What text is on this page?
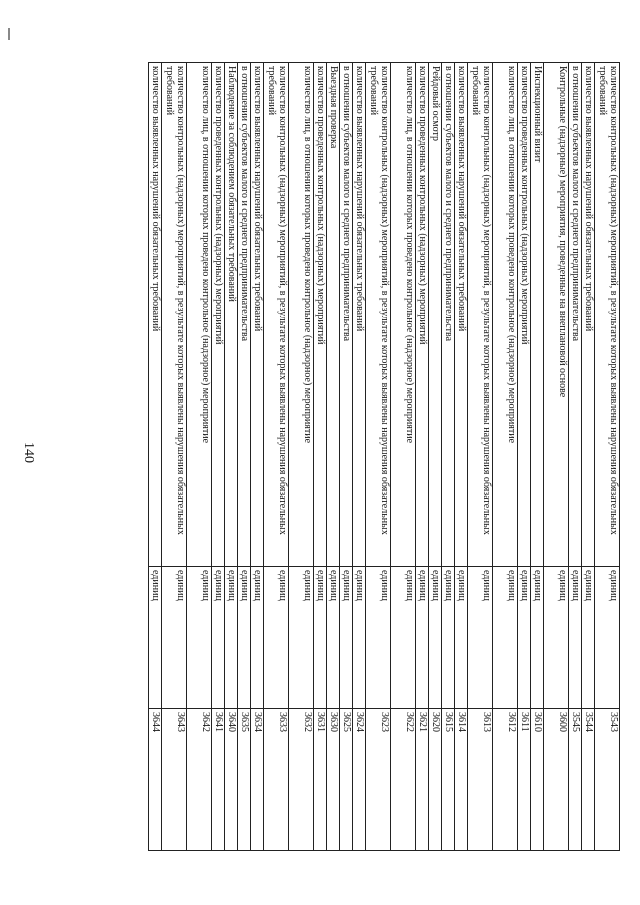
140	количество контрольных (надзорных) мероприятий, в результате которых выявлены нарушения обязательных требований	единиц	3543
количество выявленных нарушений обязательных требований	единиц	3544
в отношении субъектов малого и среднего предпринимательства	единиц	3545
Контрольные (надзорные) мероприятия, проведенные на внеплановой основе	единиц	3600
Инспекционный визит	единиц	3610
количество проведенных контрольных (надзорных) мероприятий	единиц	3611
количество лиц, в отношении которых проведено контрольное (надзорное) мероприятие	единиц	3612
количество контрольных (надзорных) мероприятий, в результате которых выявлены нарушения обязательных требований	единиц	3613
количество выявленных нарушений обязательных требований	единиц	3614
в отношении субъектов малого и среднего предпринимательства	единиц	3615
Рейдовый осмотр	единиц	3620
количество проведенных контрольных (надзорных) мероприятий	единиц	3621
количество лиц, в отношении которых проведено контрольное (надзорное) мероприятие	единиц	3622
количество контрольных (надзорных) мероприятий, в результате которых выявлены нарушения обязательных требований	единиц	3623
количество выявленных нарушений обязательных требований	единиц	3624
в отношении субъектов малого и среднего предпринимательства	единиц	3625
Выездная проверка	единиц	3630
количество проведенных контрольных (надзорных) мероприятий	единиц	3631
количество лиц, в отношении которых проведено контрольное (надзорное) мероприятие	единиц	3632
количество контрольных (надзорных) мероприятий, в результате которых выявлены нарушения обязательных требований	единиц	3633
количество выявленных нарушений обязательных требований	единиц	3634
в отношении субъектов малого и среднего предпринимательства	единиц	3635
Наблюдение за соблюдением обязательных требований	единиц	3640
количество проведенных контрольных (надзорных) мероприятий	единиц	3641
количество лиц, в отношении которых проведено контрольное (надзорное) мероприятие	единиц	3642
количество контрольных (надзорных) мероприятий, в результате которых выявлены нарушения обязательных требований	единиц	3643
количество выявленных нарушений обязательных требований	единиц	3644
